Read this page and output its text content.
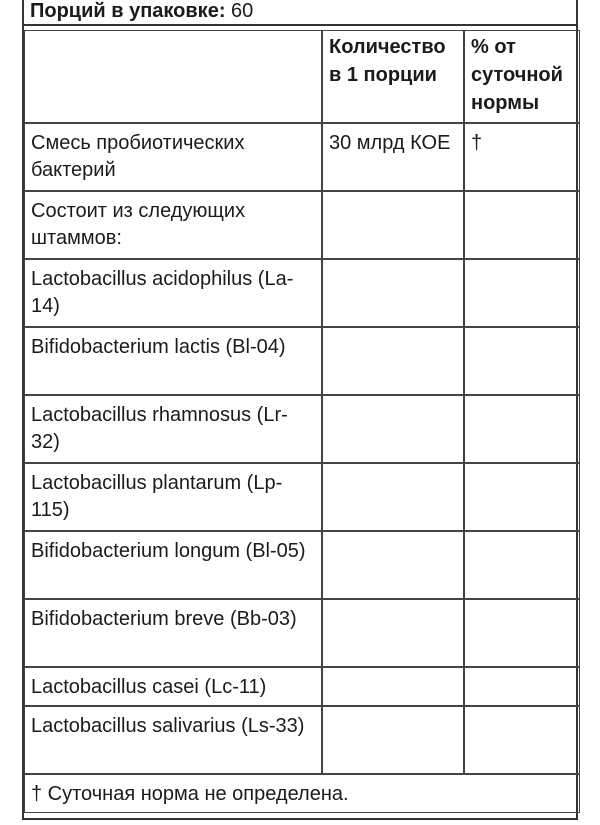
Порций в упаковке: 60
	Количество в 1 порции	% от суточной нормы
Смесь пробиотических бактерий	30 млрд КОЕ	†
Состоит из следующих штаммов:		
Lactobacillus acidophilus (La-14)		
Bifidobacterium lactis (Bl-04)		
Lactobacillus rhamnosus (Lr-32)		
Lactobacillus plantarum (Lp-115)		
Bifidobacterium longum (Bl-05)		
Bifidobacterium breve (Bb-03)		
Lactobacillus casei (Lc-11)		
Lactobacillus salivarius (Ls-33)		
† Суточная норма не определена.		
